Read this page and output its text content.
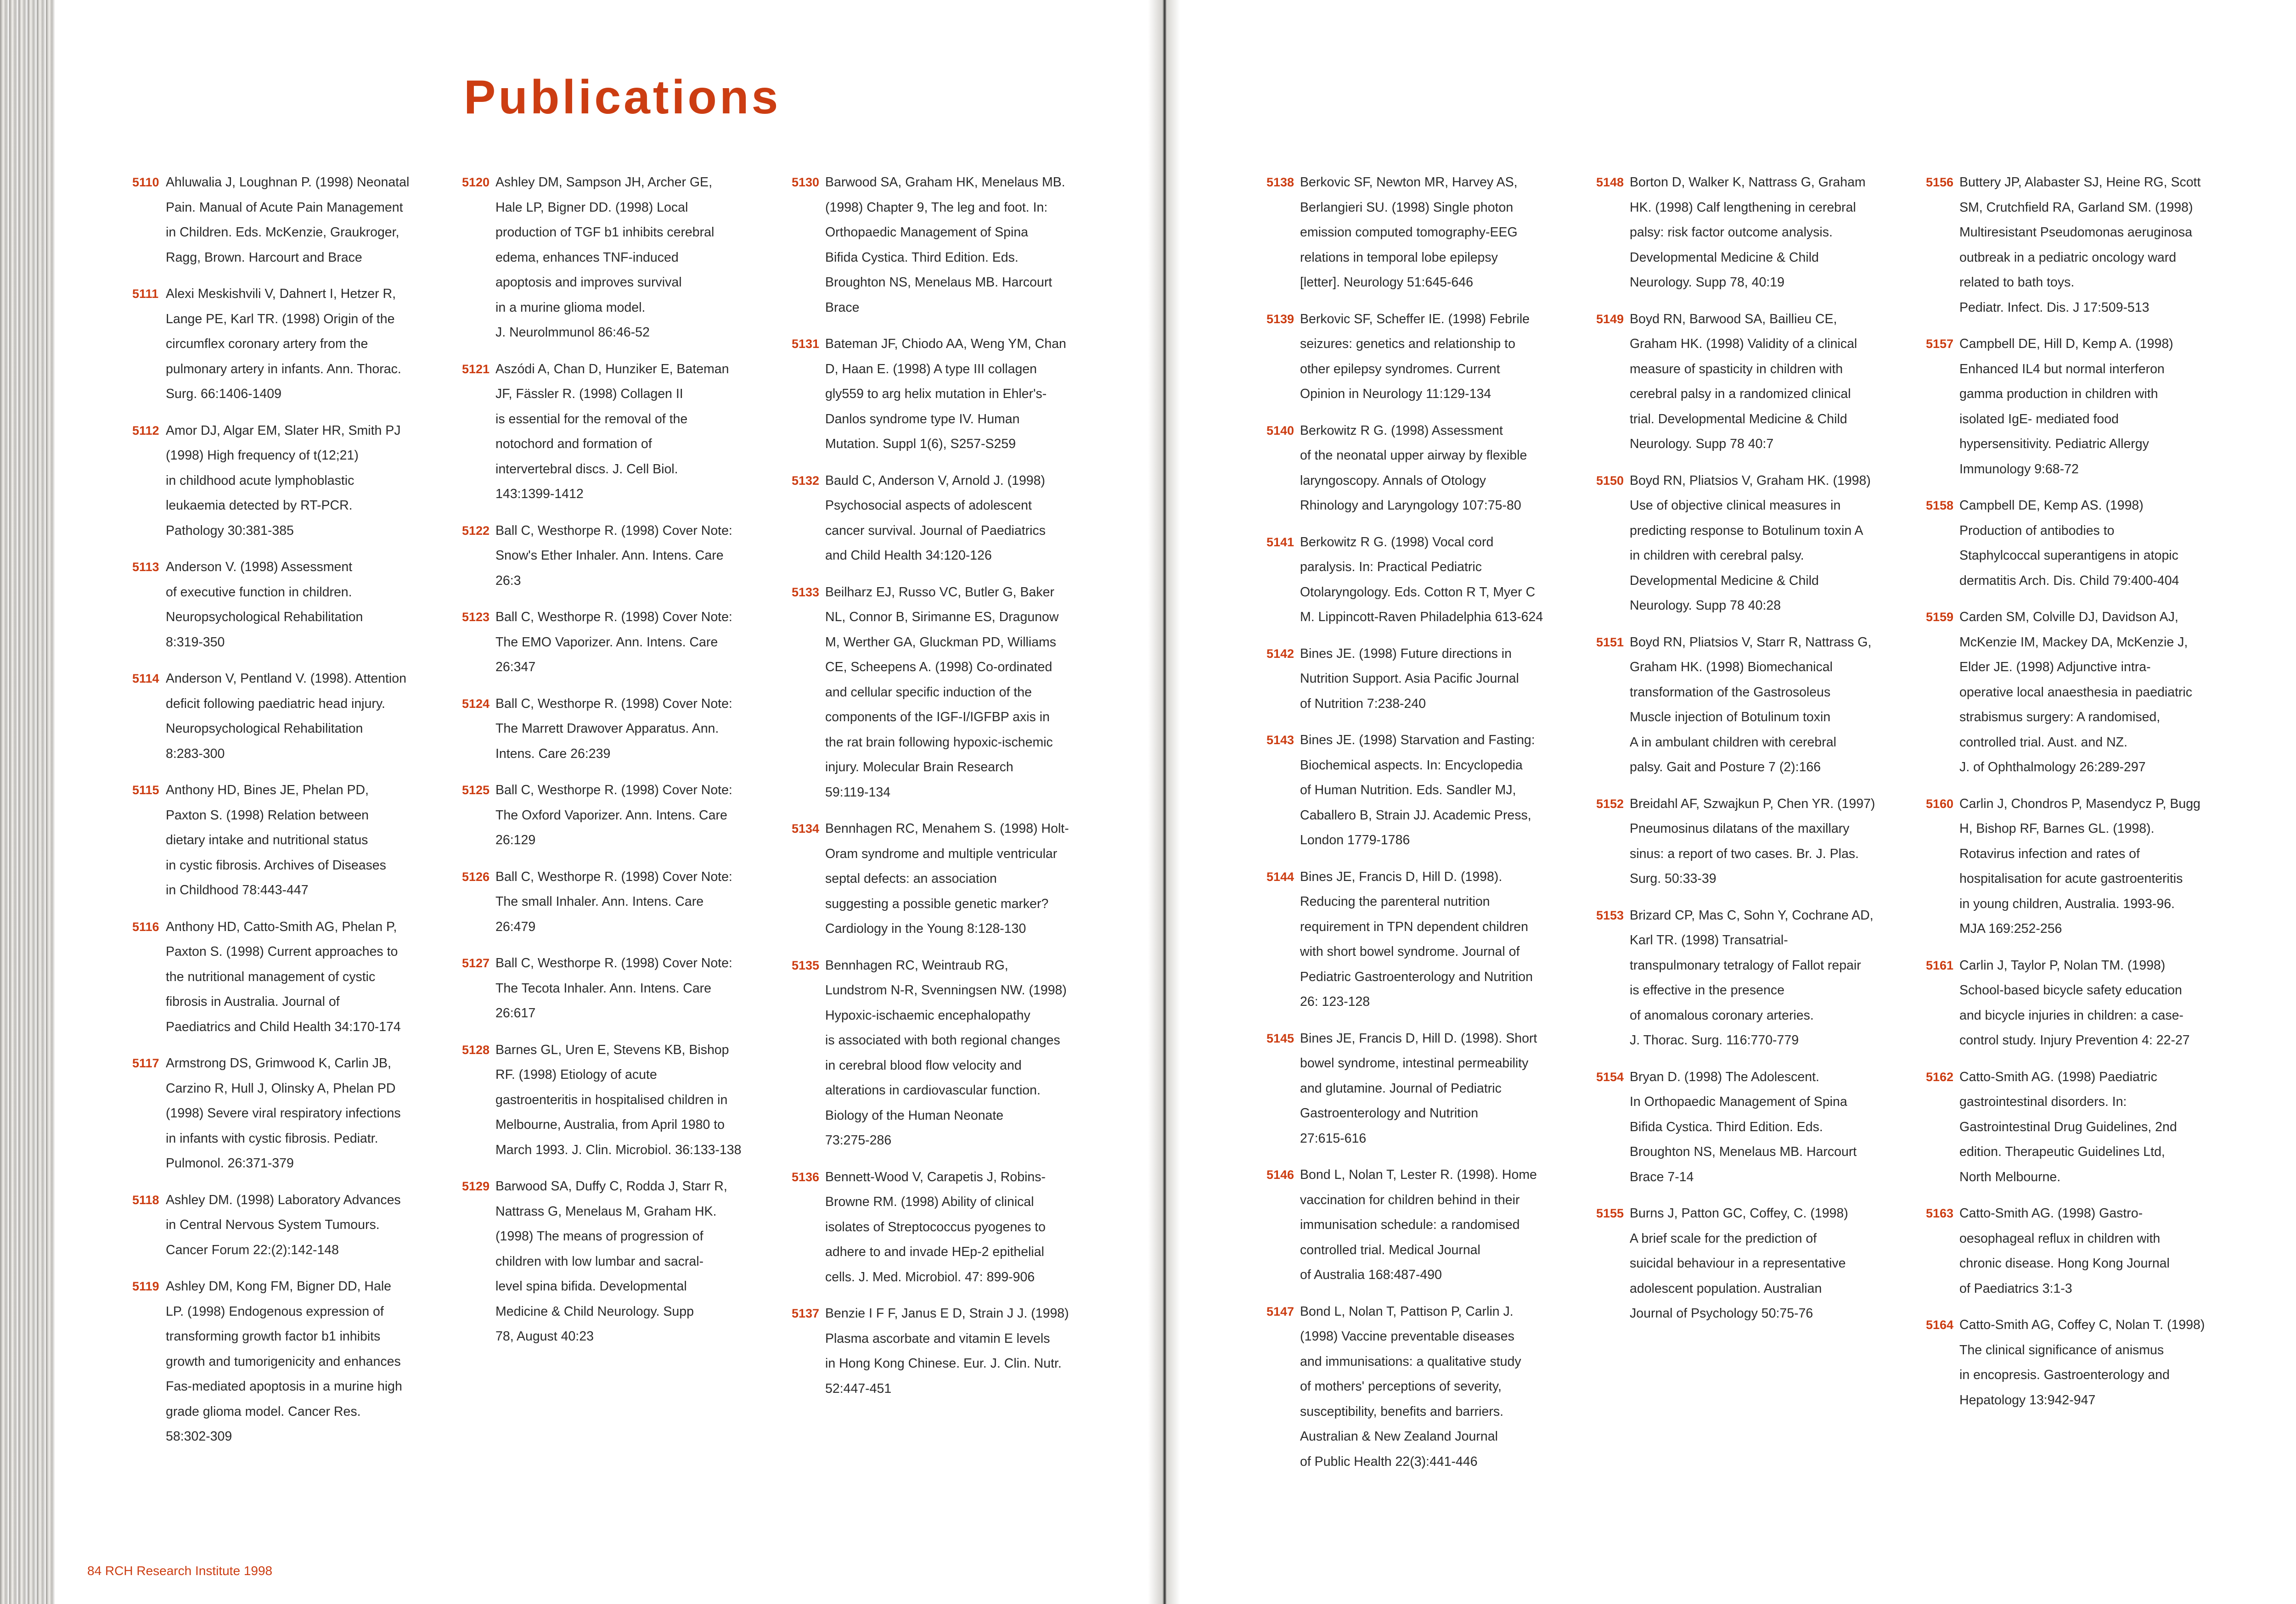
Publications
5110 Ahluwalia J, Loughnan P. (1998) Neonatal
Pain. Manual of Acute Pain Management
in Children. Eds. McKenzie, Graukroger,
Ragg, Brown. Harcourt and Brace
5111 Alexi Meskishvili V, Dahnert I, Hetzer R,
Lange PE, Karl TR. (1998) Origin of the
circumflex coronary artery from the
pulmonary artery in infants. Ann. Thorac.
Surg. 66:1406-1409
5112 Amor DJ, Algar EM, Slater HR, Smith PJ
(1998) High frequency of t(12;21)
in childhood acute lymphoblastic
leukaemia detected by RT-PCR.
Pathology 30:381-385
5113 Anderson V. (1998) Assessment
of executive function in children.
Neuropsychological Rehabilitation
8:319-350
5114 Anderson V, Pentland V. (1998). Attention
deficit following paediatric head injury.
Neuropsychological Rehabilitation
8:283-300
5115 Anthony HD, Bines JE, Phelan PD,
Paxton S. (1998) Relation between
dietary intake and nutritional status
in cystic fibrosis. Archives of Diseases
in Childhood 78:443-447
5116 Anthony HD, Catto-Smith AG, Phelan P,
Paxton S. (1998) Current approaches to
the nutritional management of cystic
fibrosis in Australia. Journal of
Paediatrics and Child Health 34:170-174
5117 Armstrong DS, Grimwood K, Carlin JB,
Carzino R, Hull J, Olinsky A, Phelan PD
(1998) Severe viral respiratory infections
in infants with cystic fibrosis. Pediatr.
Pulmonol. 26:371-379
5118 Ashley DM. (1998) Laboratory Advances
in Central Nervous System Tumours.
Cancer Forum 22:(2):142-148
5119 Ashley DM, Kong FM, Bigner DD, Hale
LP. (1998) Endogenous expression of
transforming growth factor b1 inhibits
growth and tumorigenicity and enhances
Fas-mediated apoptosis in a murine high
grade glioma model. Cancer Res.
58:302-309
5120 Ashley DM, Sampson JH, Archer GE,
Hale LP, Bigner DD. (1998) Local
production of TGF b1 inhibits cerebral
edema, enhances TNF-induced
apoptosis and improves survival
in a murine glioma model.
J. Neurolmmunol 86:46-52
5121 Aszódi A, Chan D, Hunziker E, Bateman
JF, Fässler R. (1998) Collagen II
is essential for the removal of the
notochord and formation of
intervertebral discs. J. Cell Biol.
143:1399-1412
5122 Ball C, Westhorpe R. (1998) Cover Note:
Snow's Ether Inhaler. Ann. Intens. Care
26:3
5123 Ball C, Westhorpe R. (1998) Cover Note:
The EMO Vaporizer. Ann. Intens. Care
26:347
5124 Ball C, Westhorpe R. (1998) Cover Note:
The Marrett Drawover Apparatus. Ann.
Intens. Care 26:239
5125 Ball C, Westhorpe R. (1998) Cover Note:
The Oxford Vaporizer. Ann. Intens. Care
26:129
5126 Ball C, Westhorpe R. (1998) Cover Note:
The small Inhaler. Ann. Intens. Care
26:479
5127 Ball C, Westhorpe R. (1998) Cover Note:
The Tecota Inhaler. Ann. Intens. Care
26:617
5128 Barnes GL, Uren E, Stevens KB, Bishop
RF. (1998) Etiology of acute
gastroenteritis in hospitalised children in
Melbourne, Australia, from April 1980 to
March 1993. J. Clin. Microbiol. 36:133-138
5129 Barwood SA, Duffy C, Rodda J, Starr R,
Nattrass G, Menelaus M, Graham HK.
(1998) The means of progression of
children with low lumbar and sacral-
level spina bifida. Developmental
Medicine & Child Neurology. Supp
78, August 40:23
5130 Barwood SA, Graham HK, Menelaus MB.
(1998) Chapter 9, The leg and foot. In:
Orthopaedic Management of Spina
Bifida Cystica. Third Edition. Eds.
Broughton NS, Menelaus MB. Harcourt
Brace
5131 Bateman JF, Chiodo AA, Weng YM, Chan
D, Haan E. (1998) A type III collagen
gly559 to arg helix mutation in Ehler's-
Danlos syndrome type IV. Human
Mutation. Suppl 1(6), S257-S259
5132 Bauld C, Anderson V, Arnold J. (1998)
Psychosocial aspects of adolescent
cancer survival. Journal of Paediatrics
and Child Health 34:120-126
5133 Beilharz EJ, Russo VC, Butler G, Baker
NL, Connor B, Sirimanne ES, Dragunow
M, Werther GA, Gluckman PD, Williams
CE, Scheepens A. (1998) Co-ordinated
and cellular specific induction of the
components of the IGF-I/IGFBP axis in
the rat brain following hypoxic-ischemic
injury. Molecular Brain Research
59:119-134
5134 Bennhagen RC, Menahem S. (1998) Holt-
Oram syndrome and multiple ventricular
septal defects: an association
suggesting a possible genetic marker?
Cardiology in the Young 8:128-130
5135 Bennhagen RC, Weintraub RG,
Lundstrom N-R, Svenningsen NW. (1998)
Hypoxic-ischaemic encephalopathy
is associated with both regional changes
in cerebral blood flow velocity and
alterations in cardiovascular function.
Biology of the Human Neonate
73:275-286
5136 Bennett-Wood V, Carapetis J, Robins-
Browne RM. (1998) Ability of clinical
isolates of Streptococcus pyogenes to
adhere to and invade HEp-2 epithelial
cells. J. Med. Microbiol. 47: 899-906
5137 Benzie I F F, Janus E D, Strain J J. (1998)
Plasma ascorbate and vitamin E levels
in Hong Kong Chinese. Eur. J. Clin. Nutr.
52:447-451
84 RCH Research Institute 1998
5138 Berkovic SF, Newton MR, Harvey AS,
Berlangieri SU. (1998) Single photon
emission computed tomography-EEG
relations in temporal lobe epilepsy
[letter]. Neurology 51:645-646
5139 Berkovic SF, Scheffer IE. (1998) Febrile
seizures: genetics and relationship to
other epilepsy syndromes. Current
Opinion in Neurology 11:129-134
5140 Berkowitz R G. (1998) Assessment
of the neonatal upper airway by flexible
laryngoscopy. Annals of Otology
Rhinology and Laryngology 107:75-80
5141 Berkowitz R G. (1998) Vocal cord
paralysis. In: Practical Pediatric
Otolaryngology. Eds. Cotton R T, Myer C
M. Lippincott-Raven Philadelphia 613-624
5142 Bines JE. (1998) Future directions in
Nutrition Support. Asia Pacific Journal
of Nutrition 7:238-240
5143 Bines JE. (1998) Starvation and Fasting:
Biochemical aspects. In: Encyclopedia
of Human Nutrition. Eds. Sandler MJ,
Caballero B, Strain JJ. Academic Press,
London 1779-1786
5144 Bines JE, Francis D, Hill D. (1998).
Reducing the parenteral nutrition
requirement in TPN dependent children
with short bowel syndrome. Journal of
Pediatric Gastroenterology and Nutrition
26: 123-128
5145 Bines JE, Francis D, Hill D. (1998). Short
bowel syndrome, intestinal permeability
and glutamine. Journal of Pediatric
Gastroenterology and Nutrition
27:615-616
5146 Bond L, Nolan T, Lester R. (1998). Home
vaccination for children behind in their
immunisation schedule: a randomised
controlled trial. Medical Journal
of Australia 168:487-490
5147 Bond L, Nolan T, Pattison P, Carlin J.
(1998) Vaccine preventable diseases
and immunisations: a qualitative study
of mothers' perceptions of severity,
susceptibility, benefits and barriers.
Australian & New Zealand Journal
of Public Health 22(3):441-446
5148 Borton D, Walker K, Nattrass G, Graham
HK. (1998) Calf lengthening in cerebral
palsy: risk factor outcome analysis.
Developmental Medicine & Child
Neurology. Supp 78, 40:19
5149 Boyd RN, Barwood SA, Baillieu CE,
Graham HK. (1998) Validity of a clinical
measure of spasticity in children with
cerebral palsy in a randomized clinical
trial. Developmental Medicine & Child
Neurology. Supp 78 40:7
5150 Boyd RN, Pliatsios V, Graham HK. (1998)
Use of objective clinical measures in
predicting response to Botulinum toxin A
in children with cerebral palsy.
Developmental Medicine & Child
Neurology. Supp 78 40:28
5151 Boyd RN, Pliatsios V, Starr R, Nattrass G,
Graham HK. (1998) Biomechanical
transformation of the Gastrosoleus
Muscle injection of Botulinum toxin
A in ambulant children with cerebral
palsy. Gait and Posture 7 (2):166
5152 Breidahl AF, Szwajkun P, Chen YR. (1997)
Pneumosinus dilatans of the maxillary
sinus: a report of two cases. Br. J. Plas.
Surg. 50:33-39
5153 Brizard CP, Mas C, Sohn Y, Cochrane AD,
Karl TR. (1998) Transatrial-
transpulmonary tetralogy of Fallot repair
is effective in the presence
of anomalous coronary arteries.
J. Thorac. Surg. 116:770-779
5154 Bryan D. (1998) The Adolescent.
In Orthopaedic Management of Spina
Bifida Cystica. Third Edition. Eds.
Broughton NS, Menelaus MB. Harcourt
Brace 7-14
5155 Burns J, Patton GC, Coffey, C. (1998)
A brief scale for the prediction of
suicidal behaviour in a representative
adolescent population. Australian
Journal of Psychology 50:75-76
5156 Buttery JP, Alabaster SJ, Heine RG, Scott
SM, Crutchfield RA, Garland SM. (1998)
Multiresistant Pseudomonas aeruginosa
outbreak in a pediatric oncology ward
related to bath toys.
Pediatr. Infect. Dis. J 17:509-513
5157 Campbell DE, Hill D, Kemp A. (1998)
Enhanced IL4 but normal interferon
gamma production in children with
isolated IgE- mediated food
hypersensitivity. Pediatric Allergy
Immunology 9:68-72
5158 Campbell DE, Kemp AS. (1998)
Production of antibodies to
Staphylcoccal superantigens in atopic
dermatitis Arch. Dis. Child 79:400-404
5159 Carden SM, Colville DJ, Davidson AJ,
McKenzie IM, Mackey DA, McKenzie J,
Elder JE. (1998) Adjunctive intra-
operative local anaesthesia in paediatric
strabismus surgery: A randomised,
controlled trial. Aust. and NZ.
J. of Ophthalmology 26:289-297
5160 Carlin J, Chondros P, Masendycz P, Bugg
H, Bishop RF, Barnes GL. (1998).
Rotavirus infection and rates of
hospitalisation for acute gastroenteritis
in young children, Australia. 1993-96.
MJA 169:252-256
5161 Carlin J, Taylor P, Nolan TM. (1998)
School-based bicycle safety education
and bicycle injuries in children: a case-
control study. Injury Prevention 4: 22-27
5162 Catto-Smith AG. (1998) Paediatric
gastrointestinal disorders. In:
Gastrointestinal Drug Guidelines, 2nd
edition. Therapeutic Guidelines Ltd,
North Melbourne.
5163 Catto-Smith AG. (1998) Gastro-
oesophageal reflux in children with
chronic disease. Hong Kong Journal
of Paediatrics 3:1-3
5164 Catto-Smith AG, Coffey C, Nolan T. (1998)
The clinical significance of anismus
in encopresis. Gastroenterology and
Hepatology 13:942-947
